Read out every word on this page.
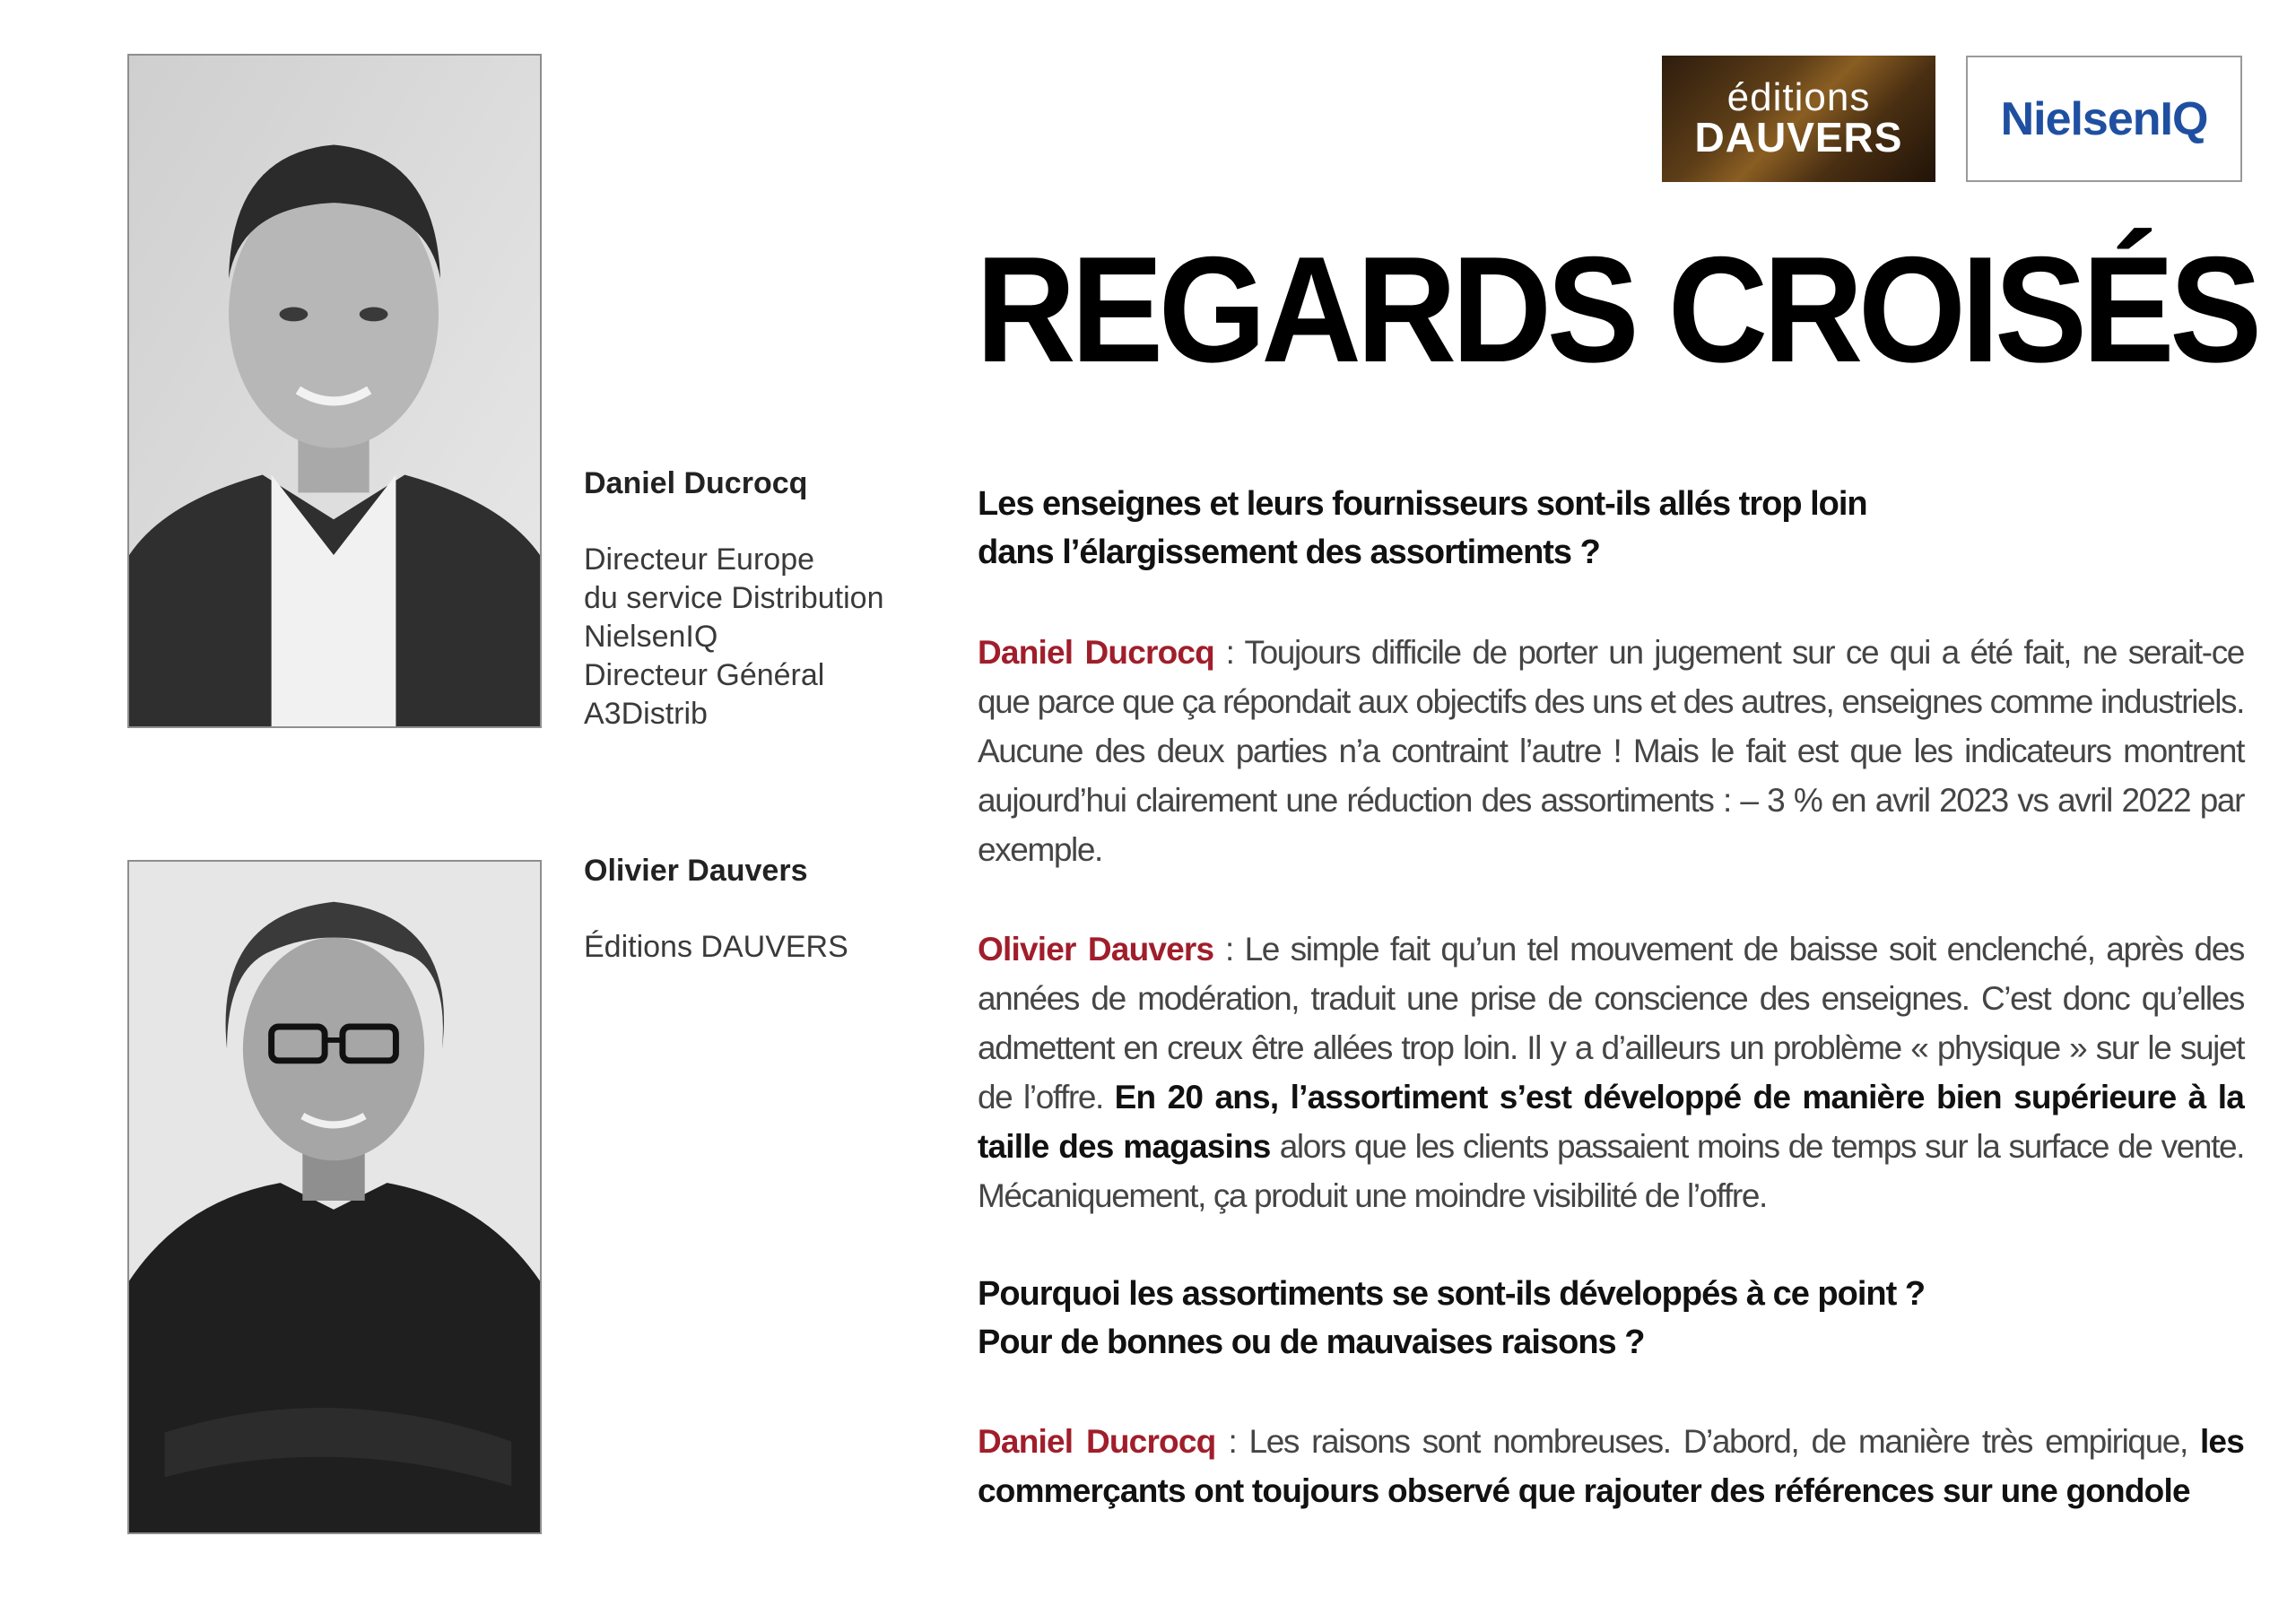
Daniel Ducrocq
Directeur Europe
du service Distribution
NielsenIQ
Directeur Général
A3Distrib
Olivier Dauvers
Éditions DAUVERS
éditions
DAUVERS	NielsenIQ
REGARDS CROISÉS
Les enseignes et leurs fournisseurs sont-ils allés trop loin
dans l’élargissement des assortiments ?
Daniel Ducrocq : Toujours difficile de porter un jugement sur ce qui a été fait, ne serait-ce que parce que ça répondait aux objectifs des uns et des autres, enseignes comme industriels. Aucune des deux parties n’a contraint l’autre ! Mais le fait est que les indicateurs montrent aujourd’hui clairement une réduction des assortiments : – 3 % en avril 2023 vs avril 2022 par exemple.
Olivier Dauvers : Le simple fait qu’un tel mouvement de baisse soit enclenché, après des années de modération, traduit une prise de conscience des enseignes. C’est donc qu’elles admettent en creux être allées trop loin. Il y a d’ailleurs un problème « physique » sur le sujet de l’offre. En 20 ans, l’assortiment s’est développé de manière bien supérieure à la taille des magasins alors que les clients passaient moins de temps sur la surface de vente. Mécaniquement, ça produit une moindre visibilité de l’offre.
Pourquoi les assortiments se sont-ils développés à ce point ?
Pour de bonnes ou de mauvaises raisons ?
Daniel Ducrocq : Les raisons sont nombreuses. D’abord, de manière très empirique, les commerçants ont toujours observé que rajouter des références sur une gondole
